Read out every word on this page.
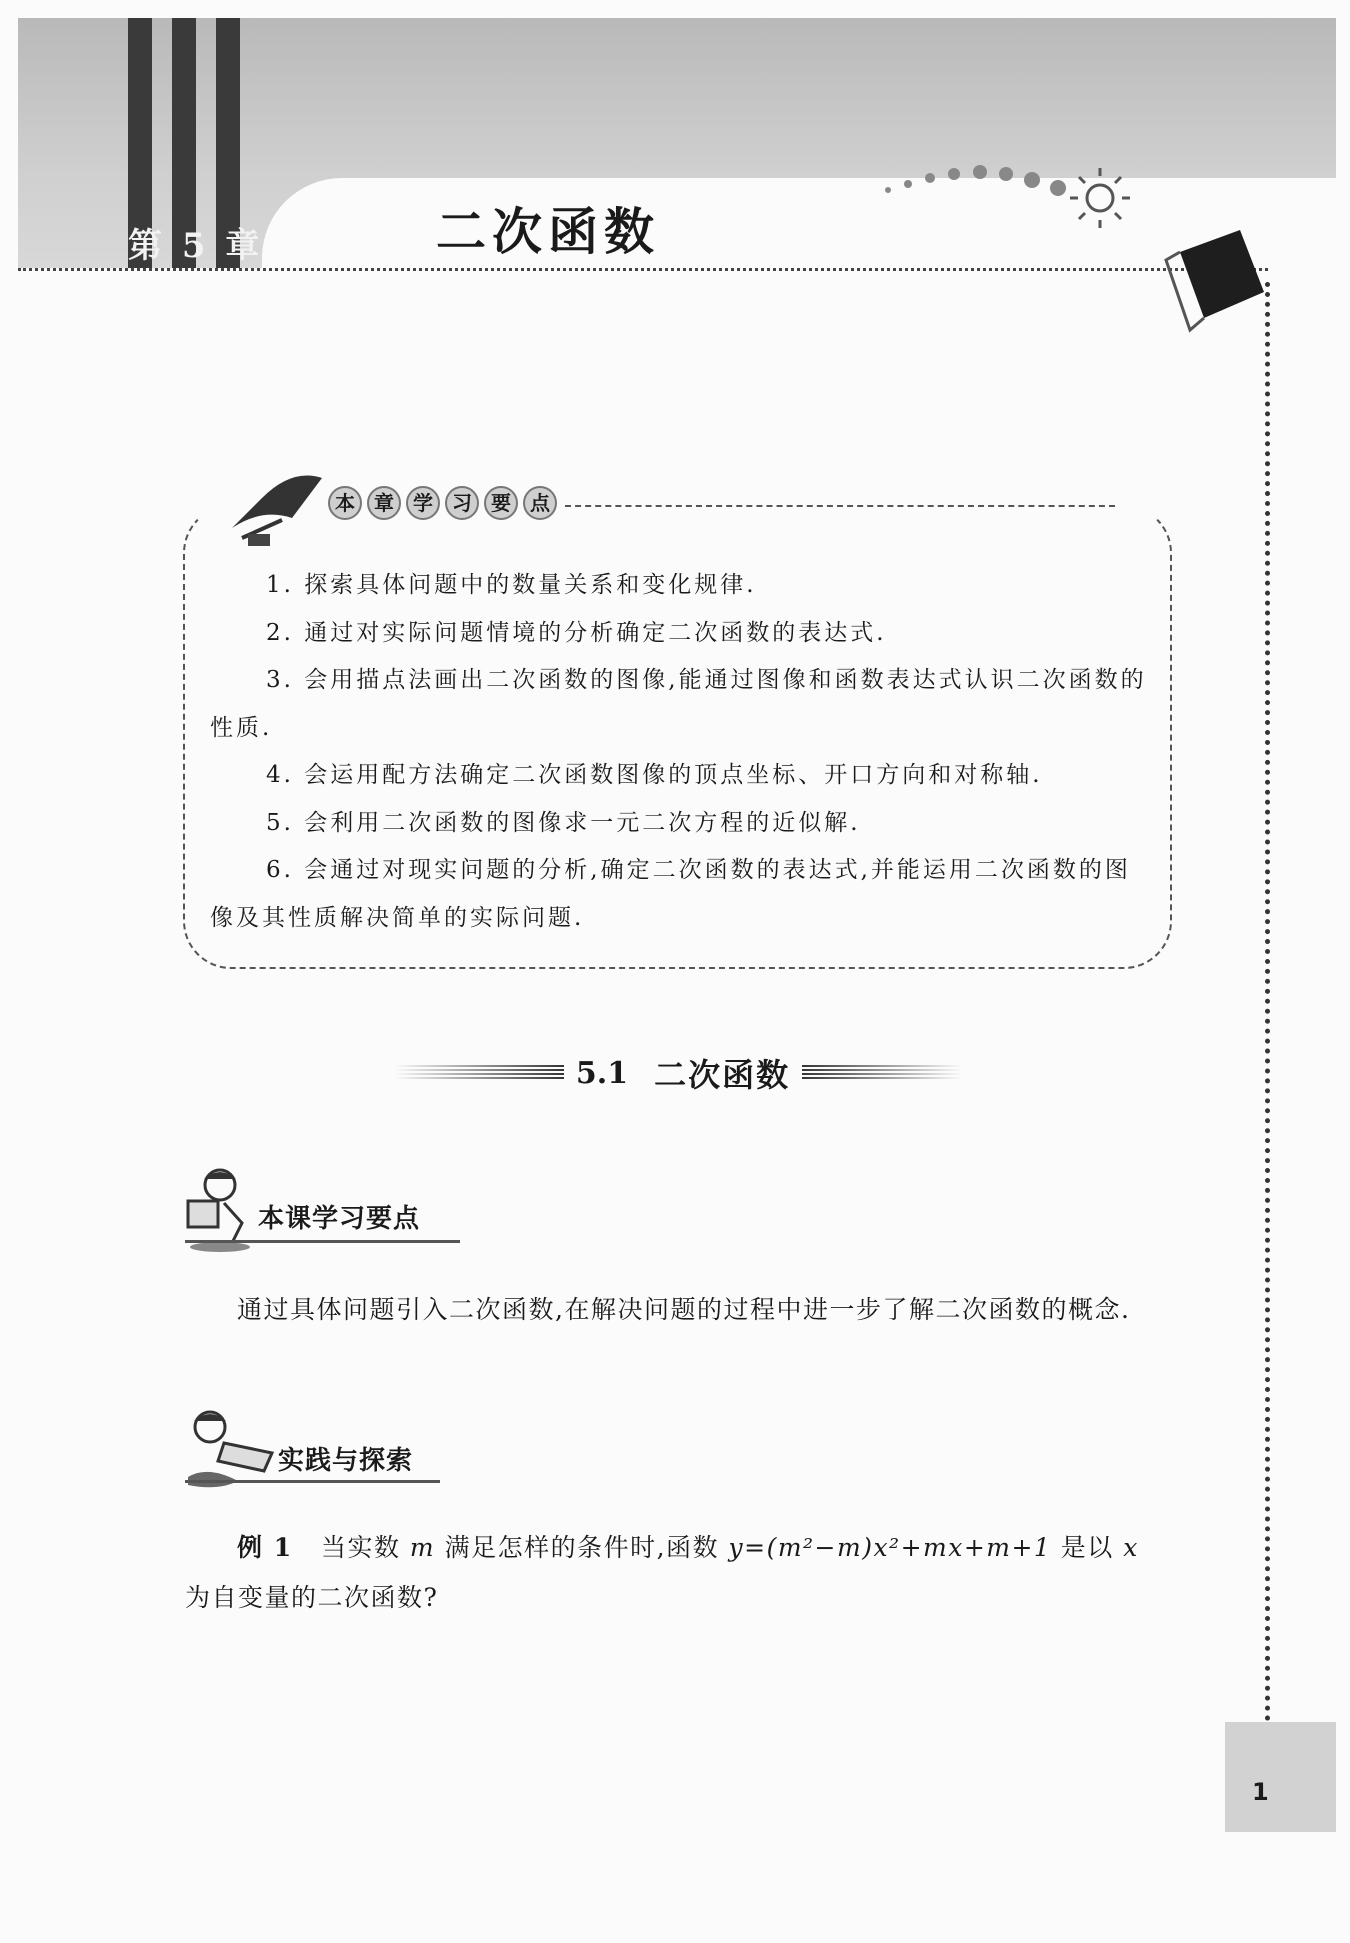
第 5 章	二次函数
本 章 学 习 要 点

1. 探索具体问题中的数量关系和变化规律.

2. 通过对实际问题情境的分析确定二次函数的表达式.

3. 会用描点法画出二次函数的图像,能通过图像和函数表达式认识二次函数的性质.

4. 会运用配方法确定二次函数图像的顶点坐标、开口方向和对称轴.

5. 会利用二次函数的图像求一元二次方程的近似解.

6. 会通过对现实问题的分析,确定二次函数的表达式,并能运用二次函数的图像及其性质解决简单的实际问题.

5.1 二次函数
本课学习要点

通过具体问题引入二次函数,在解决问题的过程中进一步了解二次函数的概念.

实践与探索

例 1 当实数 m 满足怎样的条件时,函数 y=(m²−m)x²+mx+m+1 是以 x 为自变量的二次函数?

1
